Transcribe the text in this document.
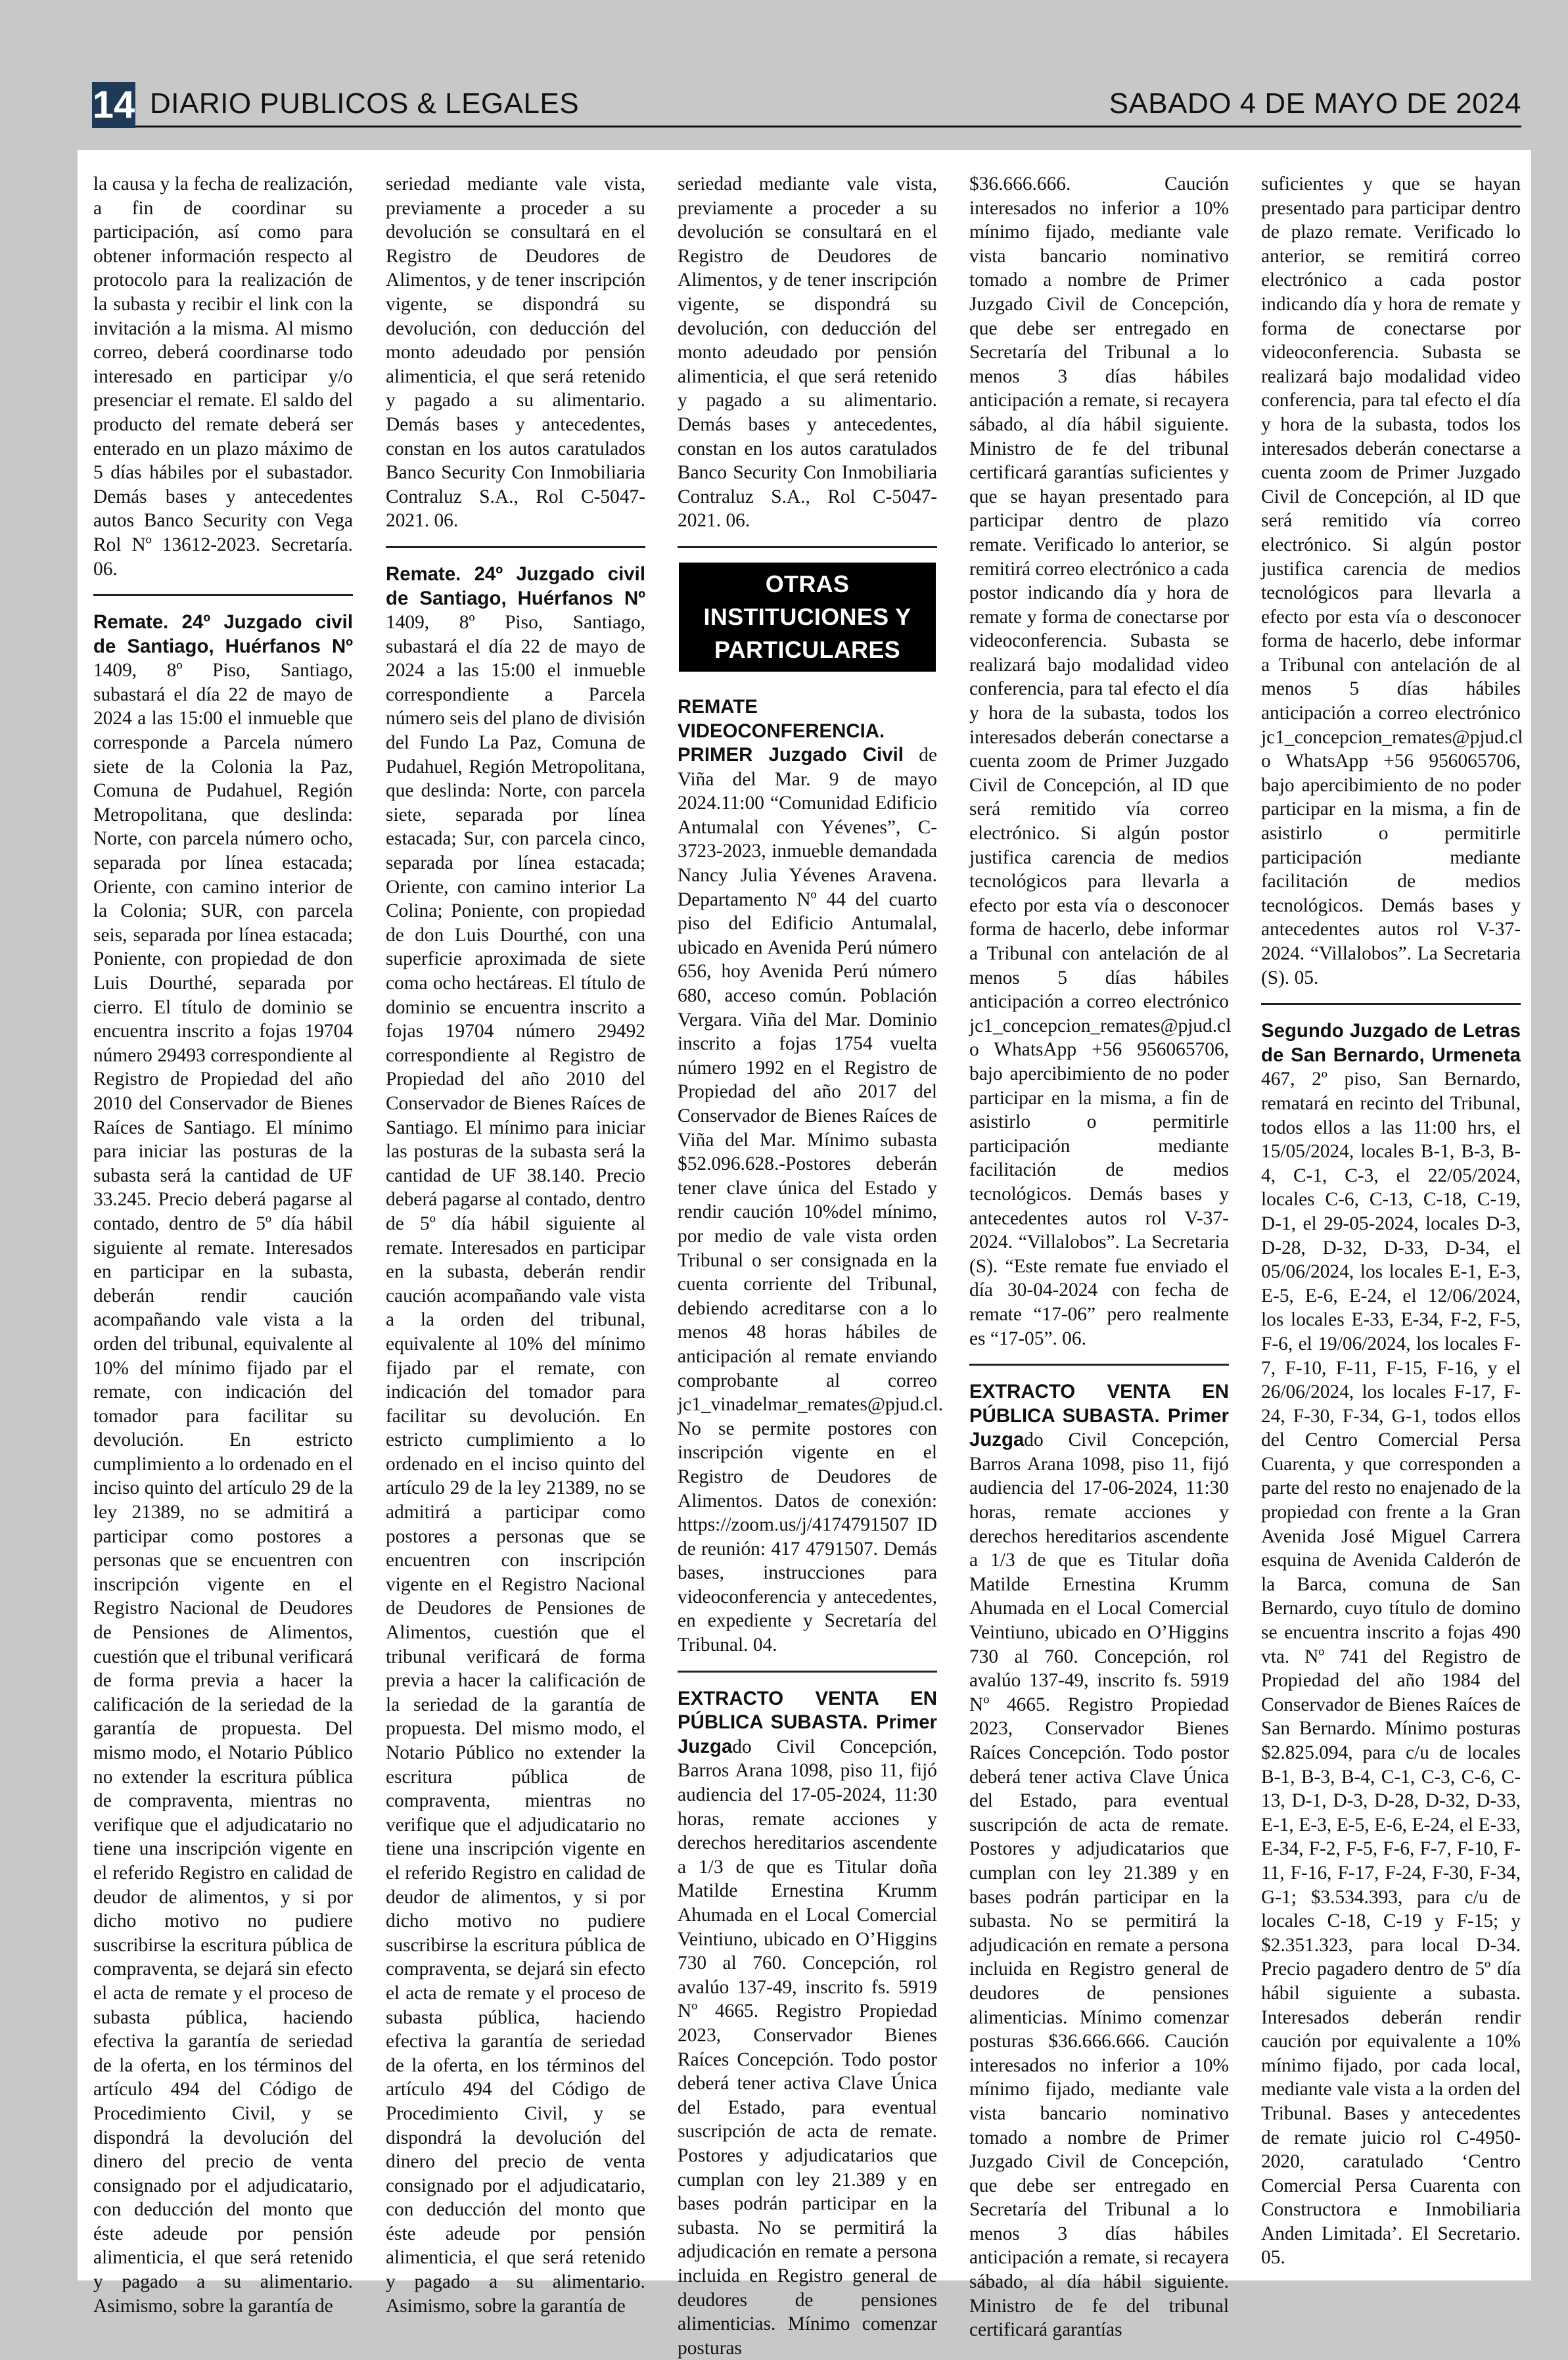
14 DIARIO PUBLICOS & LEGALES	SABADO 4 DE MAYO DE 2024

la causa y la fecha de realización, a fin de coordinar su participación, así como para obtener información respecto al protocolo para la realización de la subasta y recibir el link con la invitación a la misma. Al mismo correo, deberá coordinarse todo interesado en participar y/o presenciar el remate. El saldo del producto del remate deberá ser enterado en un plazo máximo de 5 días hábiles por el subastador. Demás bases y antecedentes autos Banco Security con Vega Rol Nº 13612-2023. Secretaría. 06.

Remate. 24º Juzgado civil de Santiago, Huérfanos Nº 1409, 8º Piso, Santiago, subastará el día 22 de mayo de 2024 a las 15:00 el inmueble que corresponde a Parcela número siete de la Colonia la Paz, Comuna de Pudahuel, Región Metropolitana, que deslinda: Norte, con parcela número ocho, separada por línea estacada; Oriente, con camino interior de la Colonia; SUR, con parcela seis, separada por línea estacada; Poniente, con propiedad de don Luis Dourthé, separada por cierro. El título de dominio se encuentra inscrito a fojas 19704 número 29493 correspondiente al Registro de Propiedad del año 2010 del Conservador de Bienes Raíces de Santiago. El mínimo para iniciar las posturas de la subasta será la cantidad de UF 33.245. Precio deberá pagarse al contado, dentro de 5º día hábil siguiente al remate. Interesados en participar en la subasta, deberán rendir caución acompañando vale vista a la orden del tribunal, equivalente al 10% del mínimo fijado par el remate, con indicación del tomador para facilitar su devolución. En estricto cumplimiento a lo ordenado en el inciso quinto del artículo 29 de la ley 21389, no se admitirá a participar como postores a personas que se encuentren con inscripción vigente en el Registro Nacional de Deudores de Pensiones de Alimentos, cuestión que el tribunal verificará de forma previa a hacer la calificación de la seriedad de la garantía de propuesta. Del mismo modo, el Notario Público no extender la escritura pública de compraventa, mientras no verifique que el adjudicatario no tiene una inscripción vigente en el referido Registro en calidad de deudor de alimentos, y si por dicho motivo no pudiere suscribirse la escritura pública de compraventa, se dejará sin efecto el acta de remate y el proceso de subasta pública, haciendo efectiva la garantía de seriedad de la oferta, en los términos del artículo 494 del Código de Procedimiento Civil, y se dispondrá la devolución del dinero del precio de venta consignado por el adjudicatario, con deducción del monto que éste adeude por pensión alimenticia, el que será retenido y pagado a su alimentario. Asimismo, sobre la garantía de

seriedad mediante vale vista, previamente a proceder a su devolución se consultará en el Registro de Deudores de Alimentos, y de tener inscripción vigente, se dispondrá su devolución, con deducción del monto adeudado por pensión alimenticia, el que será retenido y pagado a su alimentario. Demás bases y antecedentes, constan en los autos caratulados Banco Security Con Inmobiliaria Contraluz S.A., Rol C-5047-2021. 06.

Remate. 24º Juzgado civil de Santiago, Huérfanos Nº 1409, 8º Piso, Santiago, subastará el día 22 de mayo de 2024 a las 15:00 el inmueble correspondiente a Parcela número seis del plano de división del Fundo La Paz, Comuna de Pudahuel, Región Metropolitana, que deslinda: Norte, con parcela siete, separada por línea estacada; Sur, con parcela cinco, separada por línea estacada; Oriente, con camino interior La Colina; Poniente, con propiedad de don Luis Dourthé, con una superficie aproximada de siete coma ocho hectáreas. El título de dominio se encuentra inscrito a fojas 19704 número 29492 correspondiente al Registro de Propiedad del año 2010 del Conservador de Bienes Raíces de Santiago. El mínimo para iniciar las posturas de la subasta será la cantidad de UF 38.140. Precio deberá pagarse al contado, dentro de 5º día hábil siguiente al remate. Interesados en participar en la subasta, deberán rendir caución acompañando vale vista a la orden del tribunal, equivalente al 10% del mínimo fijado par el remate, con indicación del tomador para facilitar su devolución. En estricto cumplimiento a lo ordenado en el inciso quinto del artículo 29 de la ley 21389, no se admitirá a participar como postores a personas que se encuentren con inscripción vigente en el Registro Nacional de Deudores de Pensiones de Alimentos, cuestión que el tribunal verificará de forma previa a hacer la calificación de la seriedad de la garantía de propuesta. Del mismo modo, el Notario Público no extender la escritura pública de compraventa, mientras no verifique que el adjudicatario no tiene una inscripción vigente en el referido Registro en calidad de deudor de alimentos, y si por dicho motivo no pudiere suscribirse la escritura pública de compraventa, se dejará sin efecto el acta de remate y el proceso de subasta pública, haciendo efectiva la garantía de seriedad de la oferta, en los términos del artículo 494 del Código de Procedimiento Civil, y se dispondrá la devolución del dinero del precio de venta consignado por el adjudicatario, con deducción del monto que éste adeude por pensión alimenticia, el que será retenido y pagado a su alimentario. Asimismo, sobre la garantía de

seriedad mediante vale vista, previamente a proceder a su devolución se consultará en el Registro de Deudores de Alimentos, y de tener inscripción vigente, se dispondrá su devolución, con deducción del monto adeudado por pensión alimenticia, el que será retenido y pagado a su alimentario. Demás bases y antecedentes, constan en los autos caratulados Banco Security Con Inmobiliaria Contraluz S.A., Rol C-5047-2021. 06.

OTRAS INSTITUCIONES Y PARTICULARES

REMATE VIDEOCONFERENCIA. PRIMER Juzgado Civil de Viña del Mar. 9 de mayo 2024.11:00 “Comunidad Edificio Antumalal con Yévenes”, C-3723-2023, inmueble demandada Nancy Julia Yévenes Aravena. Departamento Nº 44 del cuarto piso del Edificio Antumalal, ubicado en Avenida Perú número 656, hoy Avenida Perú número 680, acceso común. Población Vergara. Viña del Mar. Dominio inscrito a fojas 1754 vuelta número 1992 en el Registro de Propiedad del año 2017 del Conservador de Bienes Raíces de Viña del Mar. Mínimo subasta $52.096.628.-Postores deberán tener clave única del Estado y rendir caución 10%del mínimo, por medio de vale vista orden Tribunal o ser consignada en la cuenta corriente del Tribunal, debiendo acreditarse con a lo menos 48 horas hábiles de anticipación al remate enviando comprobante al correo jc1_vinadelmar_remates@pjud.cl. No se permite postores con inscripción vigente en el Registro de Deudores de Alimentos. Datos de conexión: https://zoom.us/j/4174791507 ID de reunión: 417 4791507. Demás bases, instrucciones para videoconferencia y antecedentes, en expediente y Secretaría del Tribunal. 04.

EXTRACTO VENTA EN PÚBLICA SUBASTA. Primer Juzgado Civil Concepción, Barros Arana 1098, piso 11, fijó audiencia del 17-05-2024, 11:30 horas, remate acciones y derechos hereditarios ascendente a 1/3 de que es Titular doña Matilde Ernestina Krumm Ahumada en el Local Comercial Veintiuno, ubicado en O’Higgins 730 al 760. Concepción, rol avalúo 137-49, inscrito fs. 5919 Nº 4665. Registro Propiedad 2023, Conservador Bienes Raíces Concepción. Todo postor deberá tener activa Clave Única del Estado, para eventual suscripción de acta de remate. Postores y adjudicatarios que cumplan con ley 21.389 y en bases podrán participar en la subasta. No se permitirá la adjudicación en remate a persona incluida en Registro general de deudores de pensiones alimenticias. Mínimo comenzar posturas

$36.666.666. Caución interesados no inferior a 10% mínimo fijado, mediante vale vista bancario nominativo tomado a nombre de Primer Juzgado Civil de Concepción, que debe ser entregado en Secretaría del Tribunal a lo menos 3 días hábiles anticipación a remate, si recayera sábado, al día hábil siguiente. Ministro de fe del tribunal certificará garantías suficientes y que se hayan presentado para participar dentro de plazo remate. Verificado lo anterior, se remitirá correo electrónico a cada postor indicando día y hora de remate y forma de conectarse por videoconferencia. Subasta se realizará bajo modalidad video conferencia, para tal efecto el día y hora de la subasta, todos los interesados deberán conectarse a cuenta zoom de Primer Juzgado Civil de Concepción, al ID que será remitido vía correo electrónico. Si algún postor justifica carencia de medios tecnológicos para llevarla a efecto por esta vía o desconocer forma de hacerlo, debe informar a Tribunal con antelación de al menos 5 días hábiles anticipación a correo electrónico jc1_concepcion_remates@pjud.cl o WhatsApp +56 956065706, bajo apercibimiento de no poder participar en la misma, a fin de asistirlo o permitirle participación mediante facilitación de medios tecnológicos. Demás bases y antecedentes autos rol V-37-2024. “Villalobos”. La Secretaria (S). “Este remate fue enviado el día 30-04-2024 con fecha de remate “17-06” pero realmente es “17-05”. 06.

EXTRACTO VENTA EN PÚBLICA SUBASTA. Primer Juzgado Civil Concepción, Barros Arana 1098, piso 11, fijó audiencia del 17-06-2024, 11:30 horas, remate acciones y derechos hereditarios ascendente a 1/3 de que es Titular doña Matilde Ernestina Krumm Ahumada en el Local Comercial Veintiuno, ubicado en O’Higgins 730 al 760. Concepción, rol avalúo 137-49, inscrito fs. 5919 Nº 4665. Registro Propiedad 2023, Conservador Bienes Raíces Concepción. Todo postor deberá tener activa Clave Única del Estado, para eventual suscripción de acta de remate. Postores y adjudicatarios que cumplan con ley 21.389 y en bases podrán participar en la subasta. No se permitirá la adjudicación en remate a persona incluida en Registro general de deudores de pensiones alimenticias. Mínimo comenzar posturas $36.666.666. Caución interesados no inferior a 10% mínimo fijado, mediante vale vista bancario nominativo tomado a nombre de Primer Juzgado Civil de Concepción, que debe ser entregado en Secretaría del Tribunal a lo menos 3 días hábiles anticipación a remate, si recayera sábado, al día hábil siguiente. Ministro de fe del tribunal certificará garantías

suficientes y que se hayan presentado para participar dentro de plazo remate. Verificado lo anterior, se remitirá correo electrónico a cada postor indicando día y hora de remate y forma de conectarse por videoconferencia. Subasta se realizará bajo modalidad video conferencia, para tal efecto el día y hora de la subasta, todos los interesados deberán conectarse a cuenta zoom de Primer Juzgado Civil de Concepción, al ID que será remitido vía correo electrónico. Si algún postor justifica carencia de medios tecnológicos para llevarla a efecto por esta vía o desconocer forma de hacerlo, debe informar a Tribunal con antelación de al menos 5 días hábiles anticipación a correo electrónico jc1_concepcion_remates@pjud.cl o WhatsApp +56 956065706, bajo apercibimiento de no poder participar en la misma, a fin de asistirlo o permitirle participación mediante facilitación de medios tecnológicos. Demás bases y antecedentes autos rol V-37-2024. “Villalobos”. La Secretaria (S). 05.

Segundo Juzgado de Letras de San Bernardo, Urmeneta 467, 2º piso, San Bernardo, rematará en recinto del Tribunal, todos ellos a las 11:00 hrs, el 15/05/2024, locales B-1, B-3, B-4, C-1, C-3, el 22/05/2024, locales C-6, C-13, C-18, C-19, D-1, el 29-05-2024, locales D-3, D-28, D-32, D-33, D-34, el 05/06/2024, los locales E-1, E-3, E-5, E-6, E-24, el 12/06/2024, los locales E-33, E-34, F-2, F-5, F-6, el 19/06/2024, los locales F-7, F-10, F-11, F-15, F-16, y el 26/06/2024, los locales F-17, F-24, F-30, F-34, G-1, todos ellos del Centro Comercial Persa Cuarenta, y que corresponden a parte del resto no enajenado de la propiedad con frente a la Gran Avenida José Miguel Carrera esquina de Avenida Calderón de la Barca, comuna de San Bernardo, cuyo título de domino se encuentra inscrito a fojas 490 vta. Nº 741 del Registro de Propiedad del año 1984 del Conservador de Bienes Raíces de San Bernardo. Mínimo posturas $2.825.094, para c/u de locales B-1, B-3, B-4, C-1, C-3, C-6, C-13, D-1, D-3, D-28, D-32, D-33, E-1, E-3, E-5, E-6, E-24, el E-33, E-34, F-2, F-5, F-6, F-7, F-10, F-11, F-16, F-17, F-24, F-30, F-34, G-1; $3.534.393, para c/u de locales C-18, C-19 y F-15; y $2.351.323, para local D-34. Precio pagadero dentro de 5º día hábil siguiente a subasta. Interesados deberán rendir caución por equivalente a 10% mínimo fijado, por cada local, mediante vale vista a la orden del Tribunal. Bases y antecedentes de remate juicio rol C-4950-2020, caratulado ‘Centro Comercial Persa Cuarenta con Constructora e Inmobiliaria Anden Limitada’. El Secretario. 05.
